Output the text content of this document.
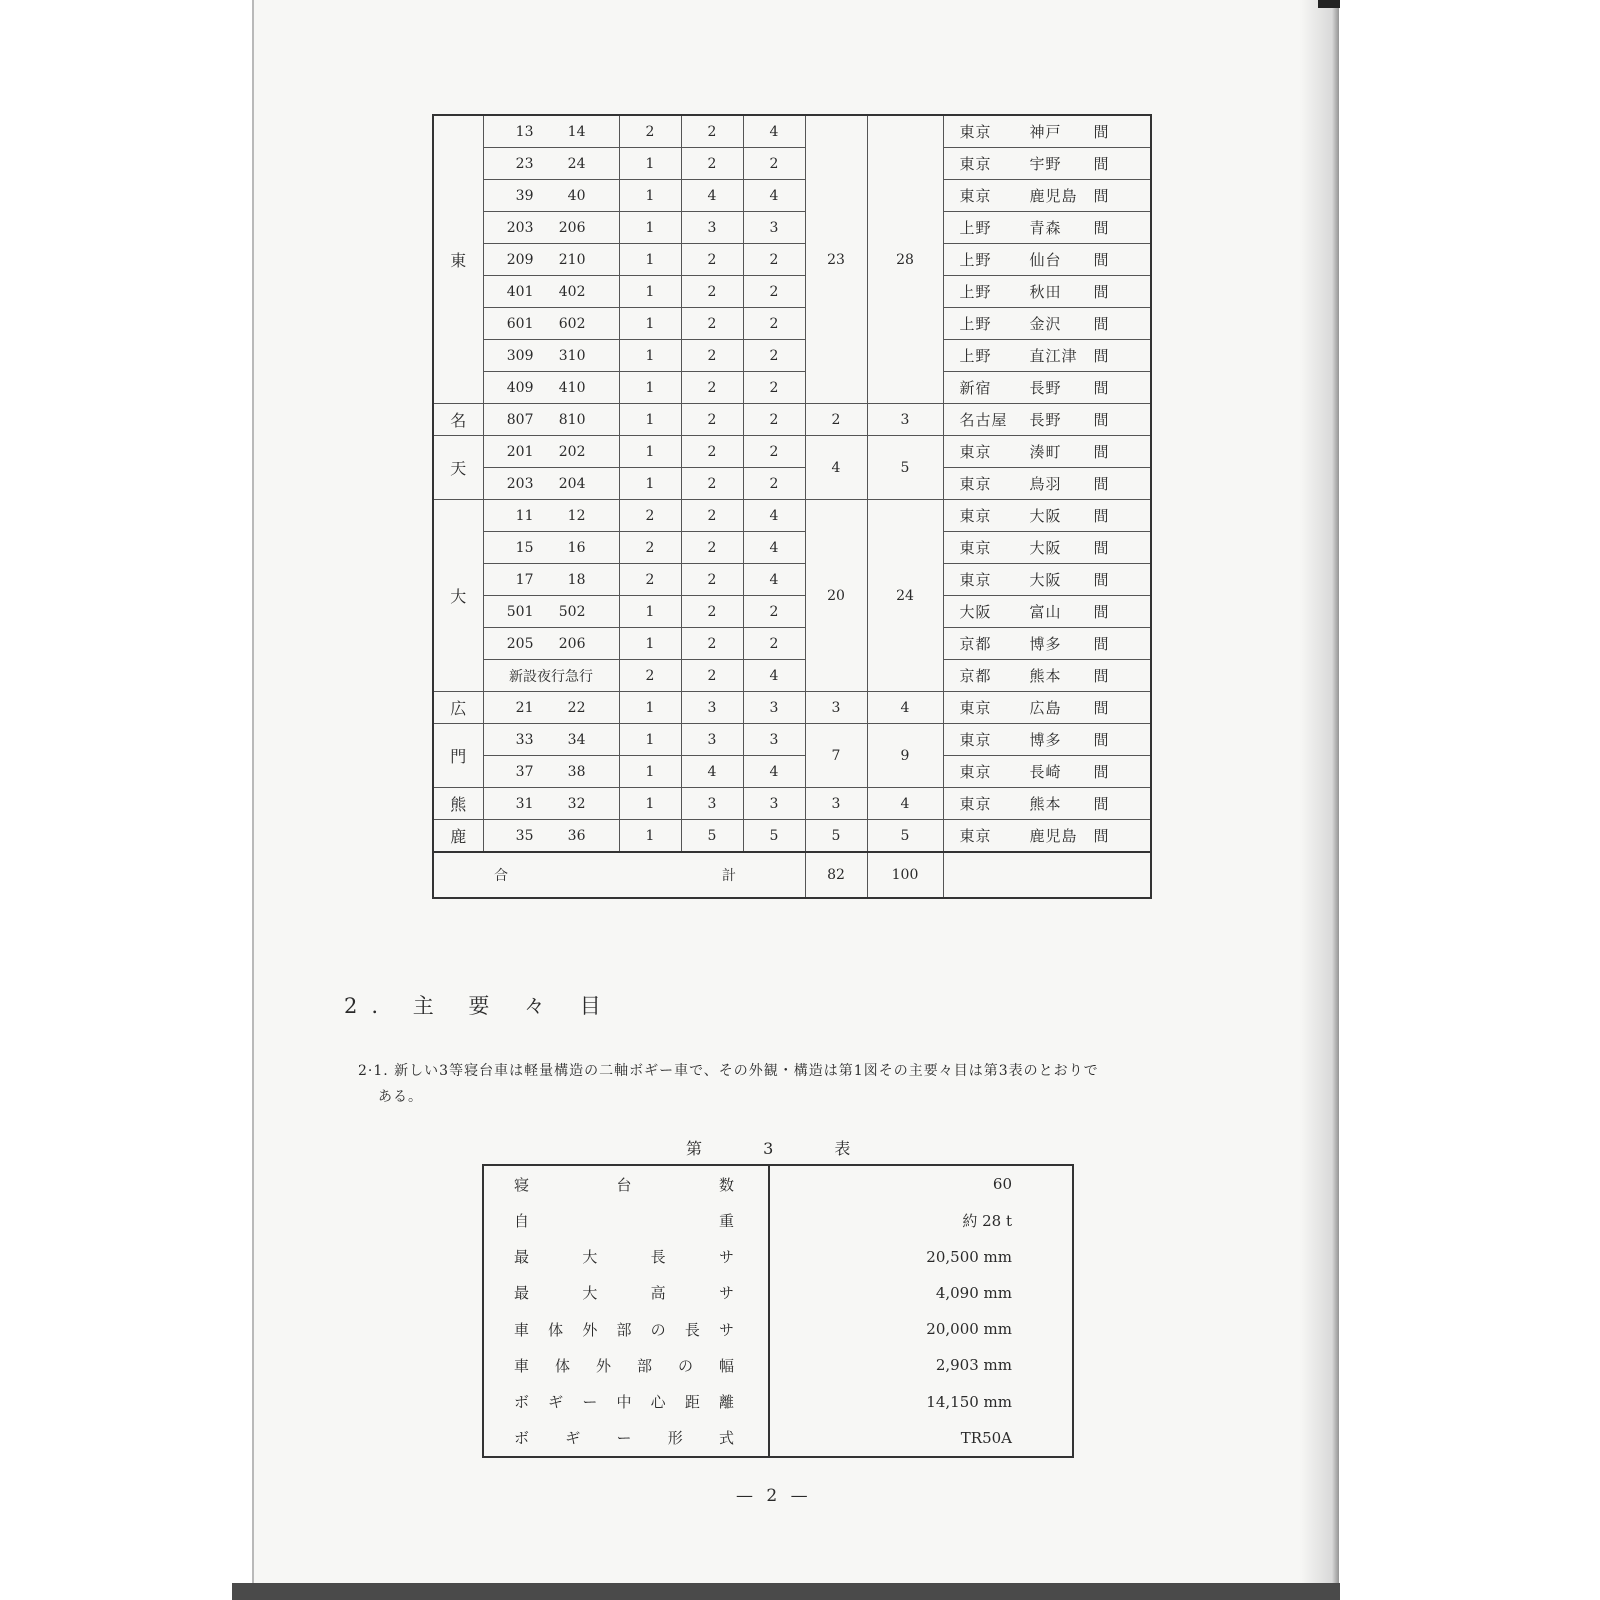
東	13 14	2	2	4	23	28	東京 神戸 間
	23 24	1	2	2			東京 宇野 間
	39 40	1	4	4			東京 鹿児島 間
	203 206	1	3	3			上野 青森 間
	209 210	1	2	2			上野 仙台 間
	401 402	1	2	2			上野 秋田 間
	601 602	1	2	2			上野 金沢 間
	309 310	1	2	2			上野 直江津 間
	409 410	1	2	2			新宿 長野 間
名	807 810	1	2	2	2	3	名古屋 長野 間
天	201 202	1	2	2	4	5	東京 湊町 間
	203 204	1	2	2			東京 鳥羽 間
大	11 12	2	2	4	20	24	東京 大阪 間
	15 16	2	2	4			東京 大阪 間
	17 18	2	2	4			東京 大阪 間
	501 502	1	2	2			大阪 富山 間
	205 206	1	2	2			京都 博多 間
	新設夜行急行	2	2	4			京都 熊本 間
広	21 22	1	3	3	3	4	東京 広島 間
門	33 34	1	3	3	7	9	東京 博多 間
	37 38	1	4	4			東京 長崎 間
熊	31 32	1	3	3	3	4	東京 熊本 間
鹿	35 36	1	5	5	5	5	東京 鹿児島 間
合 計					82	100	
2. 主 要 々 目
2·1. 新しい3等寝台車は軽量構造の二軸ボギー車で、その外観・構造は第1図その主要々目は第3表のとおりで
ある。
第 3 表
寝台数	60

自重	約 28 t

最大長サ	20,500 mm

最大高サ	4,090 mm

車体外部の長サ	20,000 mm

車体外部の幅	2,903 mm

ボギー中心距離	14,150 mm

ボギー形式	TR50A
— 2 —
